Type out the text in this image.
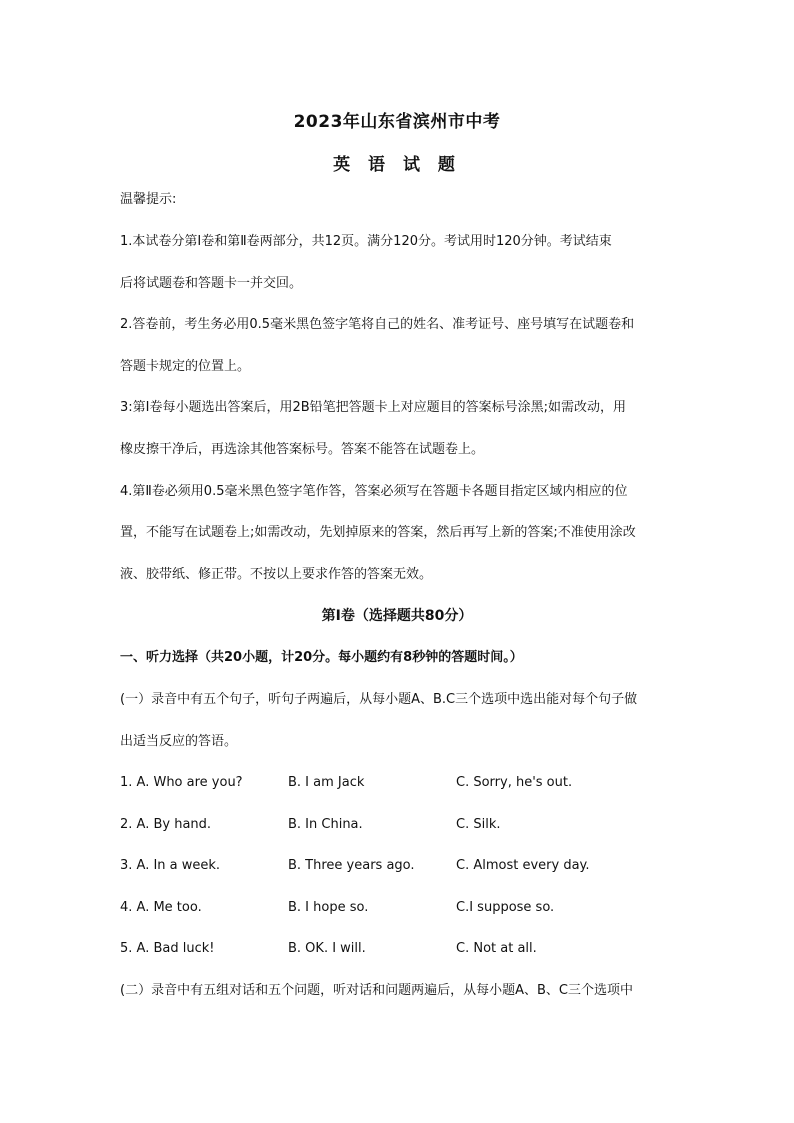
2023年山东省滨州市中考
英 语 试 题
温馨提示:
1.本试卷分第Ⅰ卷和第Ⅱ卷两部分，共12页。满分120分。考试用时120分钟。考试结束
后将试题卷和答题卡一并交回。
2.答卷前，考生务必用0.5毫米黑色签字笔将自己的姓名、准考证号、座号填写在试题卷和
答题卡规定的位置上。
3:第Ⅰ卷每小题选出答案后，用2B铅笔把答题卡上对应题目的答案标号涂黑;如需改动，用
橡皮擦干净后，再选涂其他答案标号。答案不能答在试题卷上。
4.第Ⅱ卷必须用0.5毫米黑色签字笔作答，答案必须写在答题卡各题目指定区域内相应的位
置，不能写在试题卷上;如需改动，先划掉原来的答案，然后再写上新的答案;不准使用涂改
液、胶带纸、修正带。不按以上要求作答的答案无效。
第Ⅰ卷（选择题共80分）
一、听力选择（共20小题，计20分。每小题约有8秒钟的答题时间。）
(一）录音中有五个句子，听句子两遍后，从每小题A、B.C三个选项中选出能对每个句子做
出适当反应的答语。
1. A. Who are you?	B. I am Jack	C. Sorry, he's out.
2. A. By hand.	B. In China.	C. Silk.
3. A. In a week.	B. Three years ago.	C. Almost every day.
4. A. Me too.	B. I hope so.	C.I suppose so.
5. A. Bad luck!	B. OK. I will.	C. Not at all.
(二）录音中有五组对话和五个问题，听对话和问题两遍后，从每小题A、B、C三个选项中
